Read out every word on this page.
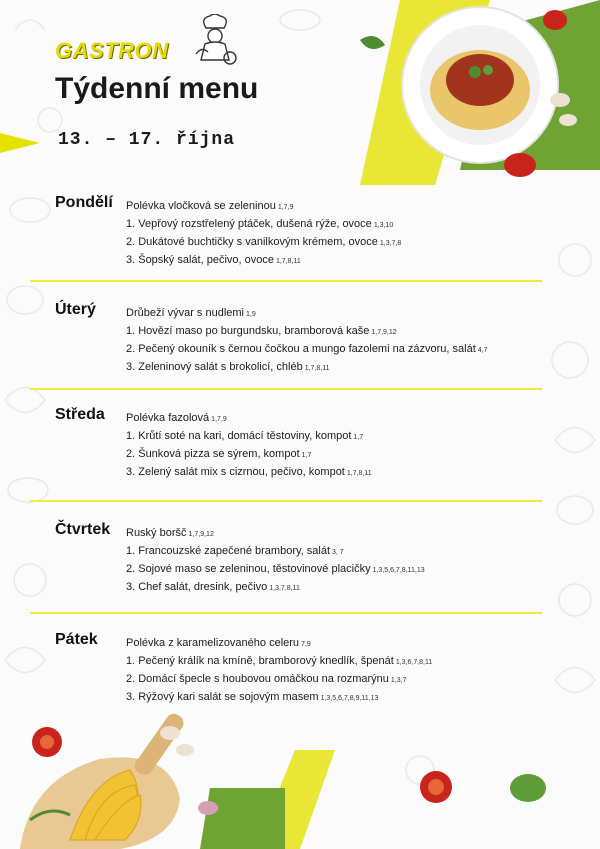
GASTRON
Týdenní menu
13. – 17. října
Pondělí Polévka vločková se zeleninou 1,7,9
1. Vepřový rozstřelený ptáček, dušená rýže, ovoce 1,3,10
2. Dukátové buchtičky s vanilkovým krémem, ovoce 1,3,7,8
3. Šopský salát, pečivo, ovoce 1,7,8,11
Úterý	Drůbeží vývar s nudlemi 1,9
1. Hovězí maso po burgundsku, bramborová kaše 1,7,9,12
2. Pečený okouník s černou čočkou a mungo fazolemi na zázvoru, salát 4,7
3. Zeleninový salát s brokolicí, chléb 1,7,8,11
Středa Polévka fazolová 1,7,9
1. Krůtí soté na kari, domácí těstoviny, kompot 1,7
2. Šunková pizza se sýrem, kompot 1,7
3. Zelený salát mix s cizrnou, pečivo, kompot 1,7,8,11
Čtvrtek Ruský boršč 1,7,9,12
1. Francouzské zapečené brambory, salát 3, 7
2. Sojové maso se zeleninou, těstovinové placičky 1,3,5,6,7,8,11,13
3. Chef salát, dresink, pečivo 1,3,7,8,11
Pátek	Polévka z karamelizovaného celeru 7,9
1. Pečený králík na kmíně, bramborový knedlík, špenát 1,3,6,7,8,11
2. Domácí špecle s houbovou omáčkou na rozmarýnu 1,3,7
3. Rýžový kari salát se sojovým masem 1,3,5,6,7,8,9,11,13
